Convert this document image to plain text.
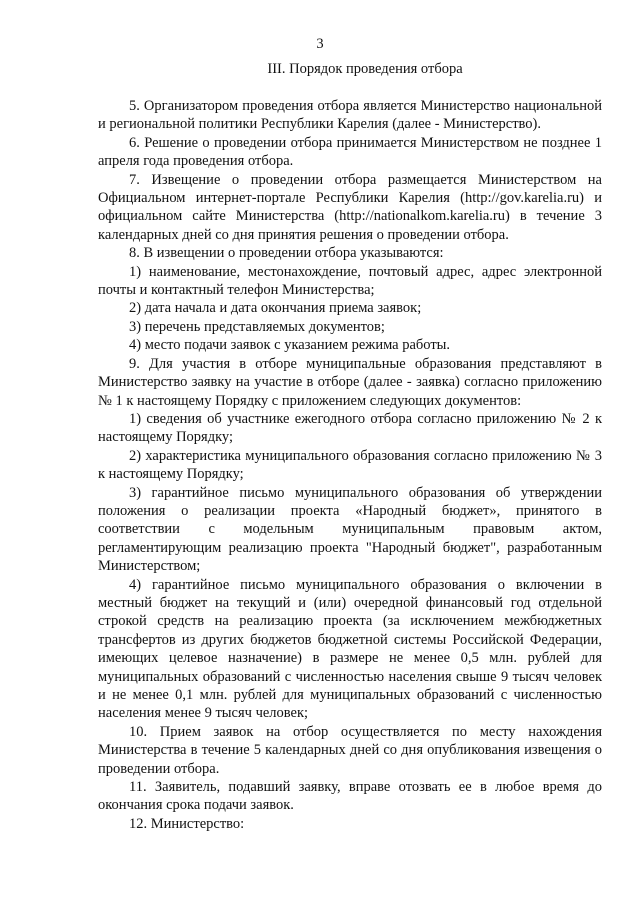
3
III. Порядок проведения отбора

5. Организатором проведения отбора является Министерство национальной и региональной политики Республики Карелия (далее - Министерство).

6. Решение о проведении отбора принимается Министерством не позднее 1 апреля года проведения отбора.

7. Извещение о проведении отбора размещается Министерством на Официальном интернет-портале Республики Карелия (http://gov.karelia.ru) и официальном сайте Министерства (http://nationalkom.karelia.ru) в течение 3 календарных дней со дня принятия решения о проведении отбора.

8. В извещении о проведении отбора указываются:

1) наименование, местонахождение, почтовый адрес, адрес электронной почты и контактный телефон Министерства;

2) дата начала и дата окончания приема заявок;

3) перечень представляемых документов;

4) место подачи заявок с указанием режима работы.

9. Для участия в отборе муниципальные образования представляют в Министерство заявку на участие в отборе (далее - заявка) согласно приложению № 1 к настоящему Порядку с приложением следующих документов:

1) сведения об участнике ежегодного отбора согласно приложению № 2 к настоящему Порядку;

2) характеристика муниципального образования согласно приложению № 3 к настоящему Порядку;

3) гарантийное письмо муниципального образования об утверждении положения о реализации проекта «Народный бюджет», принятого в соответствии с модельным муниципальным правовым актом, регламентирующим реализацию проекта "Народный бюджет", разработанным Министерством;

4) гарантийное письмо муниципального образования о включении в местный бюджет на текущий и (или) очередной финансовый год отдельной строкой средств на реализацию проекта (за исключением межбюджетных трансфертов из других бюджетов бюджетной системы Российской Федерации, имеющих целевое назначение) в размере не менее 0,5 млн. рублей для муниципальных образований с численностью населения свыше 9 тысяч человек и не менее 0,1 млн. рублей для муниципальных образований с численностью населения менее 9 тысяч человек;

10. Прием заявок на отбор осуществляется по месту нахождения Министерства в течение 5 календарных дней со дня опубликования извещения о проведении отбора.

11. Заявитель, подавший заявку, вправе отозвать ее в любое время до окончания срока подачи заявок.

12. Министерство:
